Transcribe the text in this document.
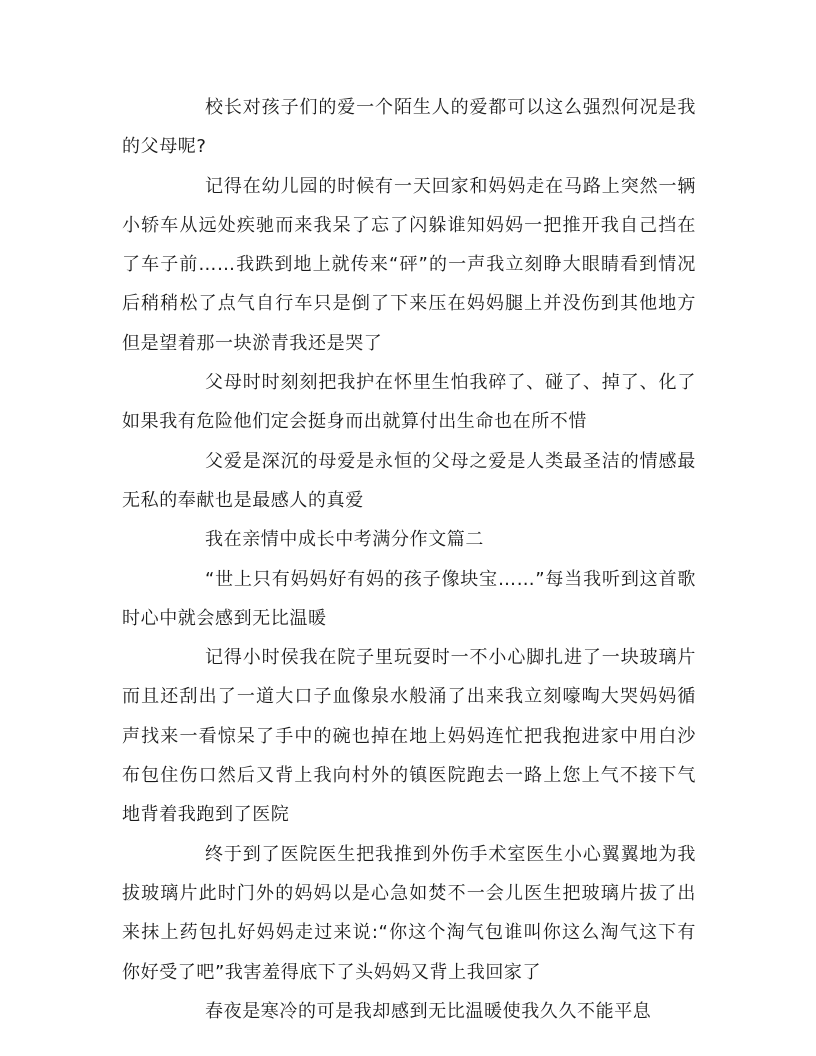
校长对孩子们的爱一个陌生人的爱都可以这么强烈何况是我的父母呢?

记得在幼儿园的时候有一天回家和妈妈走在马路上突然一辆小轿车从远处疾驰而来我呆了忘了闪躲谁知妈妈一把推开我自己挡在了车子前……我跌到地上就传来“砰”的一声我立刻睁大眼睛看到情况后稍稍松了点气自行车只是倒了下来压在妈妈腿上并没伤到其他地方但是望着那一块淤青我还是哭了

父母时时刻刻把我护在怀里生怕我碎了、碰了、掉了、化了如果我有危险他们定会挺身而出就算付出生命也在所不惜

父爱是深沉的母爱是永恒的父母之爱是人类最圣洁的情感最无私的奉献也是最感人的真爱

我在亲情中成长中考满分作文篇二

“世上只有妈妈好有妈的孩子像块宝……”每当我听到这首歌时心中就会感到无比温暖

记得小时侯我在院子里玩耍时一不小心脚扎进了一块玻璃片而且还刮出了一道大口子血像泉水般涌了出来我立刻嚎啕大哭妈妈循声找来一看惊呆了手中的碗也掉在地上妈妈连忙把我抱进家中用白沙布包住伤口然后又背上我向村外的镇医院跑去一路上您上气不接下气地背着我跑到了医院

终于到了医院医生把我推到外伤手术室医生小心翼翼地为我拔玻璃片此时门外的妈妈以是心急如焚不一会儿医生把玻璃片拔了出来抹上药包扎好妈妈走过来说:“你这个淘气包谁叫你这么淘气这下有你好受了吧”我害羞得底下了头妈妈又背上我回家了

春夜是寒冷的可是我却感到无比温暖使我久久不能平息
